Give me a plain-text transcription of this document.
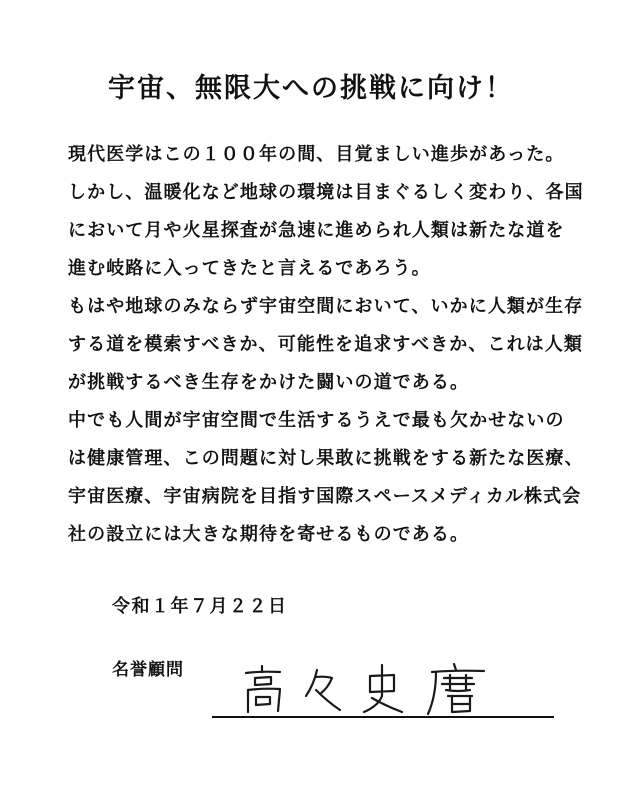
宇宙、無限大への挑戦に向け！
現代医学はこの１００年の間、目覚ましい進歩があった。
しかし、温暖化など地球の環境は目まぐるしく変わり、各国
において月や火星探査が急速に進められ人類は新たな道を
進む岐路に入ってきたと言えるであろう。
もはや地球のみならず宇宙空間において、いかに人類が生存
する道を模索すべきか、可能性を追求すべきか、これは人類
が挑戦するべき生存をかけた闘いの道である。
中でも人間が宇宙空間で生活するうえで最も欠かせないの
は健康管理、この問題に対し果敢に挑戦をする新たな医療、
宇宙医療、宇宙病院を目指す国際スペースメディカル株式会
社の設立には大きな期待を寄せるものである。
令和１年７月２２日
名誉顧問
